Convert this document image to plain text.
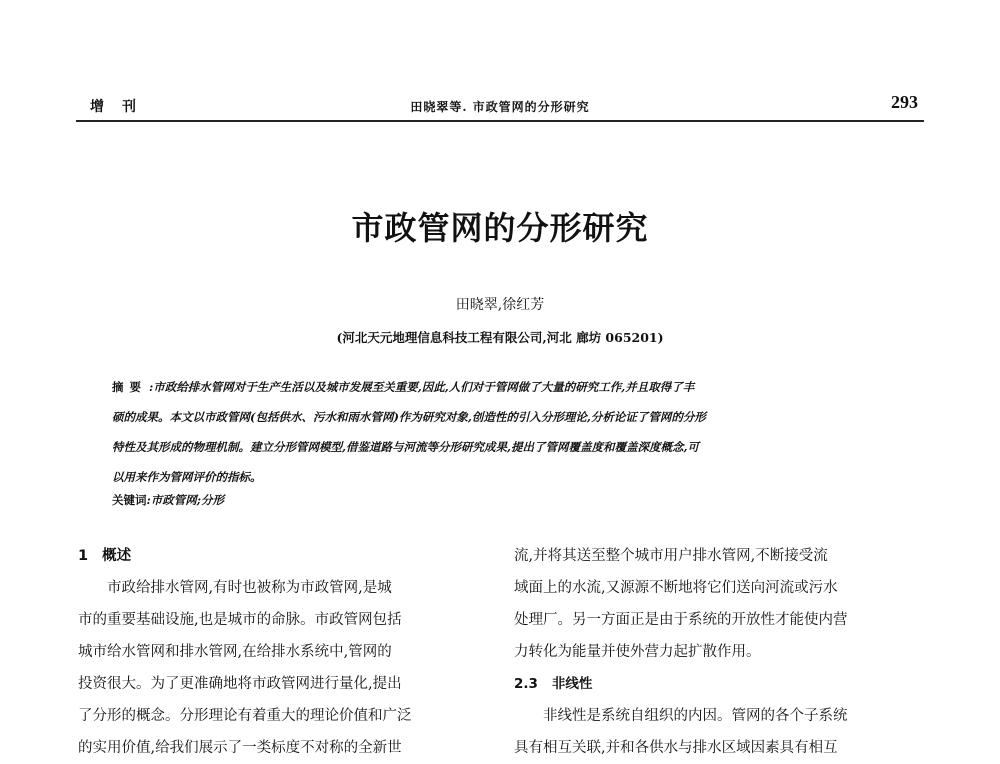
增刊	田晓翠等. 市政管网的分形研究	293
市政管网的分形研究
田晓翠,徐红芳
(河北天元地理信息科技工程有限公司,河北 廊坊 065201)
摘要 :市政给排水管网对于生产生活以及城市发展至关重要,因此,人们对于管网做了大量的研究工作,并且取得了丰
硕的成果。本文以市政管网(包括供水、污水和雨水管网)作为研究对象,创造性的引入分形理论,分析论证了管网的分形
特性及其形成的物理机制。建立分形管网模型,借鉴道路与河流等分形研究成果,提出了管网覆盖度和覆盖深度概念,可
以用来作为管网评价的指标。
关键词:市政管网;分形
1 概述
市政给排水管网,有时也被称为市政管网,是城
市的重要基础设施,也是城市的命脉。市政管网包括
城市给水管网和排水管网,在给排水系统中,管网的
投资很大。为了更准确地将市政管网进行量化,提出
了分形的概念。分形理论有着重大的理论价值和广泛
的实用价值,给我们展示了一类标度不对称的全新世
流,并将其送至整个城市用户排水管网,不断接受流
域面上的水流,又源源不断地将它们送向河流或污水
处理厂。另一方面正是由于系统的开放性才能使内营
力转化为能量并使外营力起扩散作用。
2.3 非线性
非线性是系统自组织的内因。管网的各个子系统
具有相互关联,并和各供水与排水区域因素具有相互
